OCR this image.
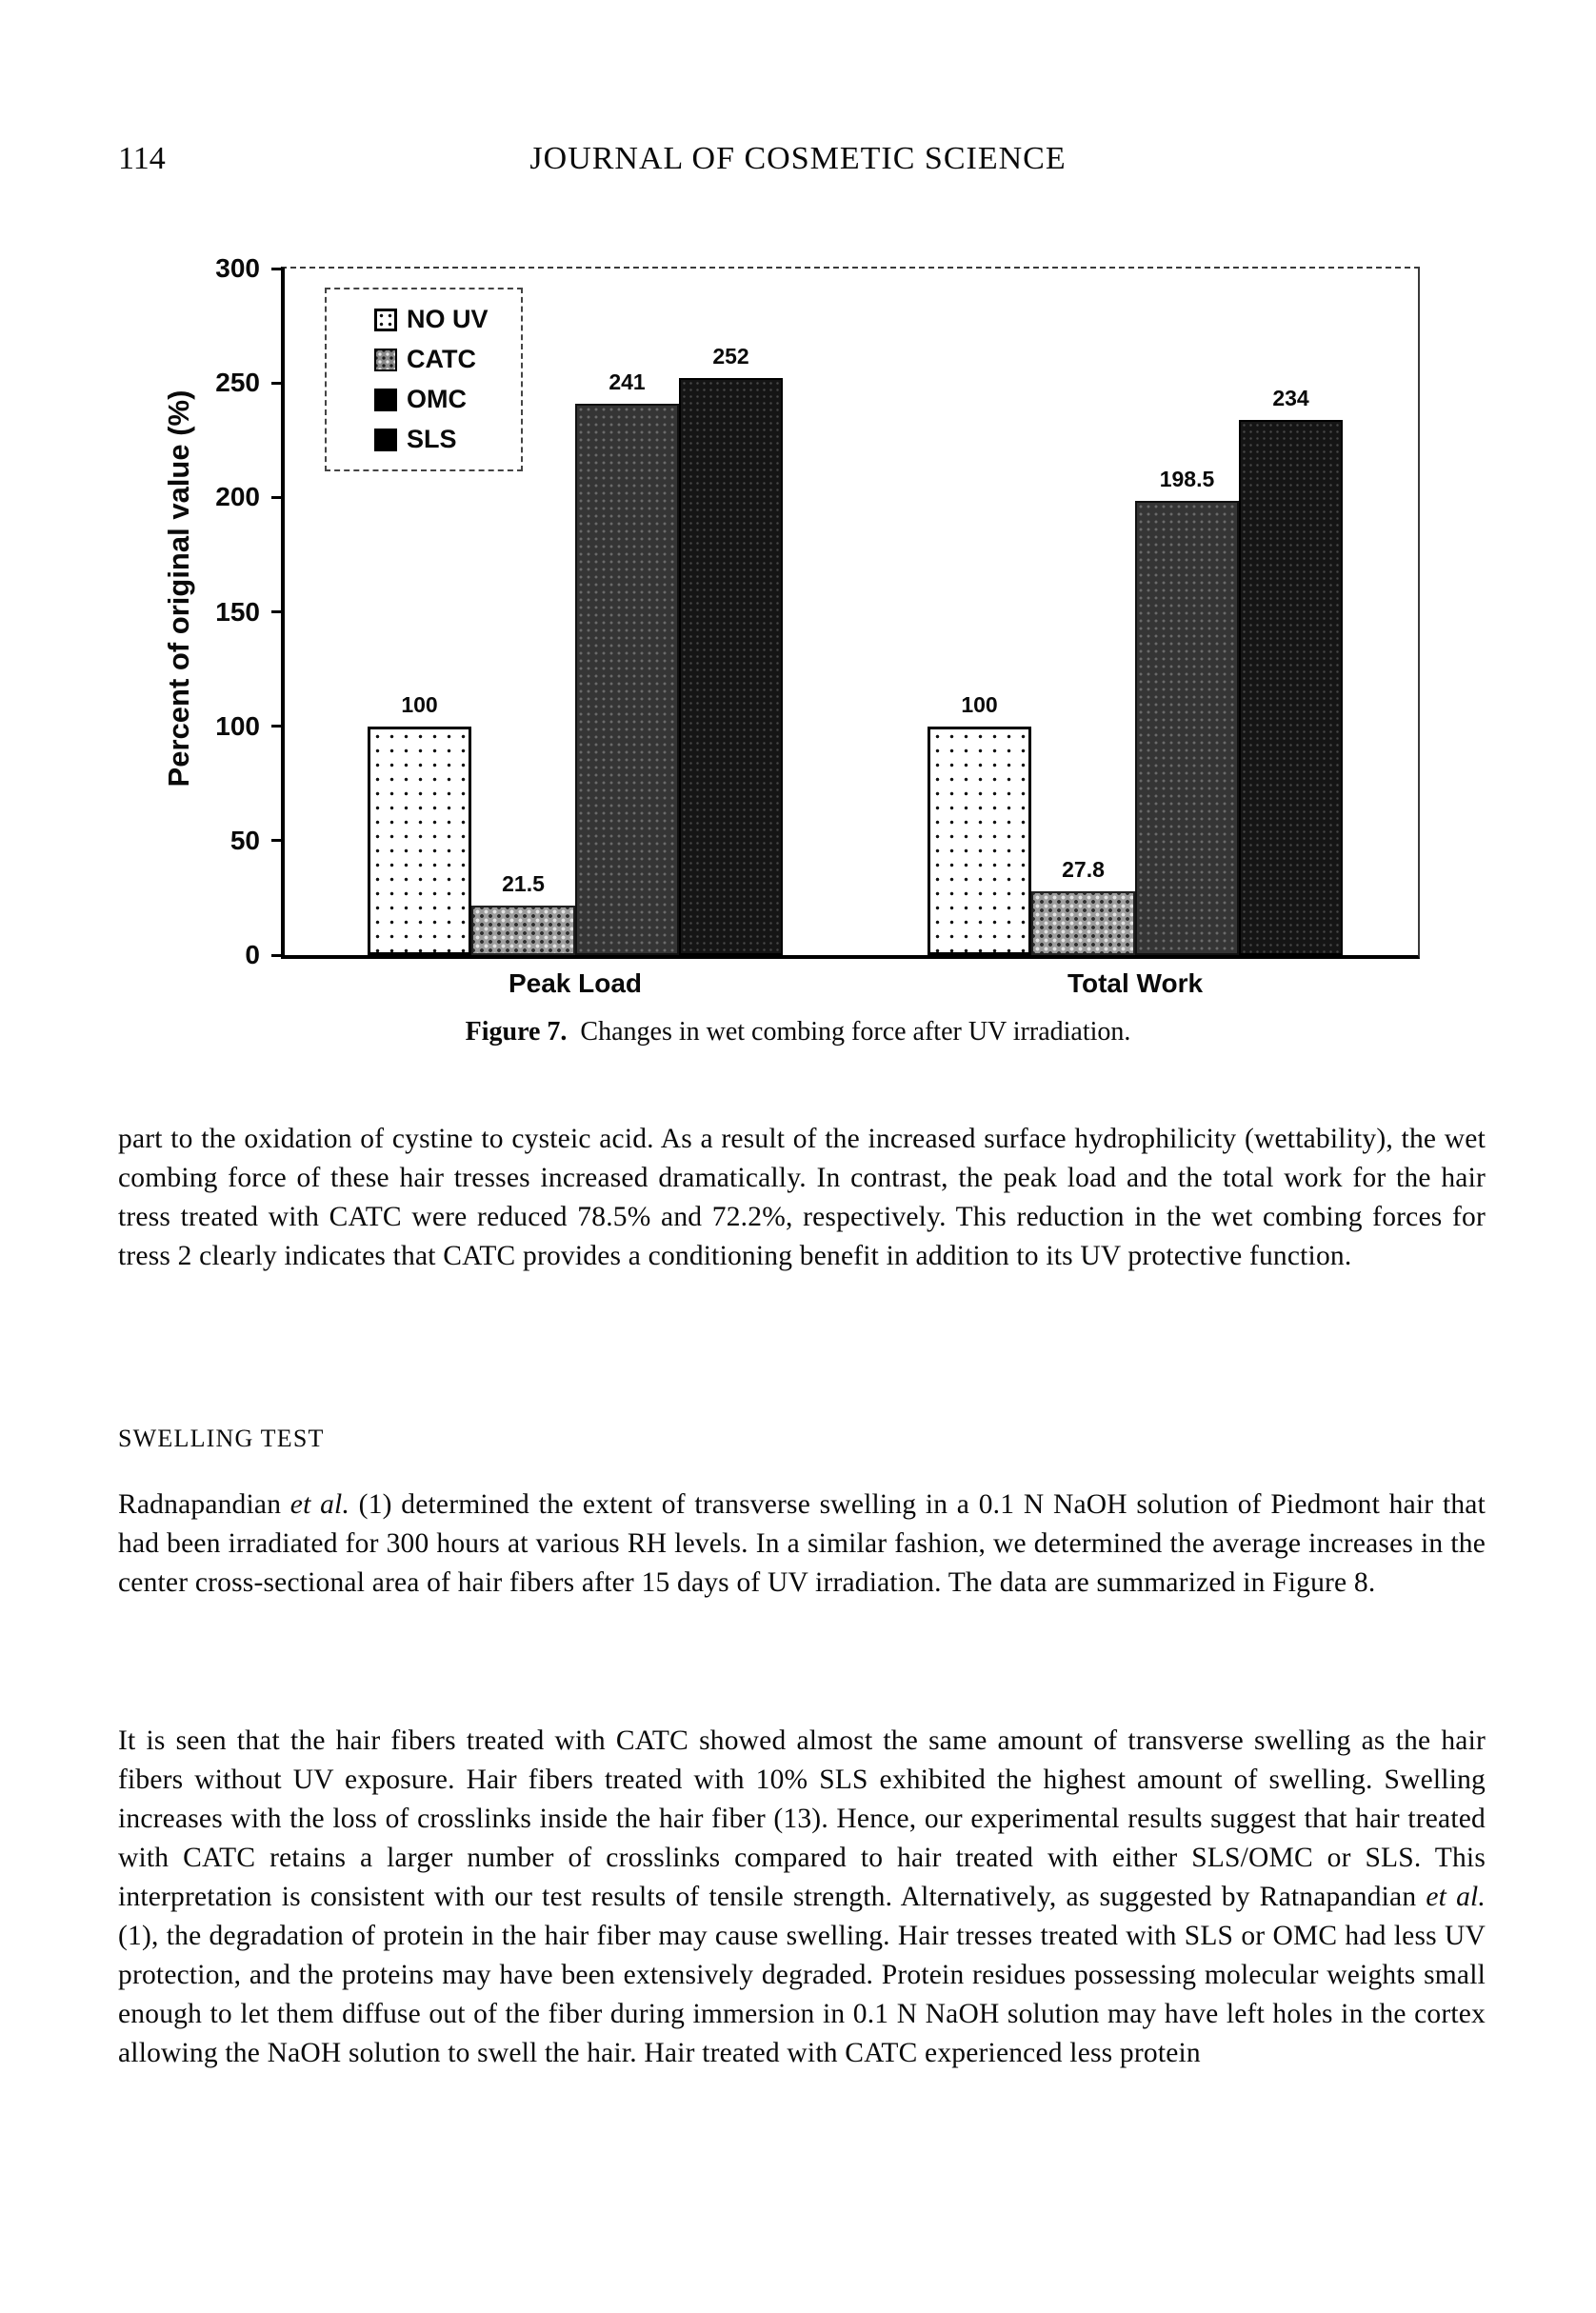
114	JOURNAL OF COSMETIC SCIENCE
Percent of original value (%)
0
50
100
150
200
250
300
100
21.5
241
252
Peak Load
100
27.8
198.5
234
Total Work
NO UV
CATC
OMC
SLS
Figure 7. Changes in wet combing force after UV irradiation.

part to the oxidation of cystine to cysteic acid. As a result of the increased surface hydrophilicity (wettability), the wet combing force of these hair tresses increased dramatically. In contrast, the peak load and the total work for the hair tress treated with CATC were reduced 78.5% and 72.2%, respectively. This reduction in the wet combing forces for tress 2 clearly indicates that CATC provides a conditioning benefit in addition to its UV protective function.

SWELLING TEST

Radnapandian et al. (1) determined the extent of transverse swelling in a 0.1 N NaOH solution of Piedmont hair that had been irradiated for 300 hours at various RH levels. In a similar fashion, we determined the average increases in the center cross-sectional area of hair fibers after 15 days of UV irradiation. The data are summarized in Figure 8.

It is seen that the hair fibers treated with CATC showed almost the same amount of transverse swelling as the hair fibers without UV exposure. Hair fibers treated with 10% SLS exhibited the highest amount of swelling. Swelling increases with the loss of crosslinks inside the hair fiber (13). Hence, our experimental results suggest that hair treated with CATC retains a larger number of crosslinks compared to hair treated with either SLS/OMC or SLS. This interpretation is consistent with our test results of tensile strength. Alternatively, as suggested by Ratnapandian et al. (1), the degradation of protein in the hair fiber may cause swelling. Hair tresses treated with SLS or OMC had less UV protection, and the proteins may have been extensively degraded. Protein residues possessing molecular weights small enough to let them diffuse out of the fiber during immersion in 0.1 N NaOH solution may have left holes in the cortex allowing the NaOH solution to swell the hair. Hair treated with CATC experienced less protein
